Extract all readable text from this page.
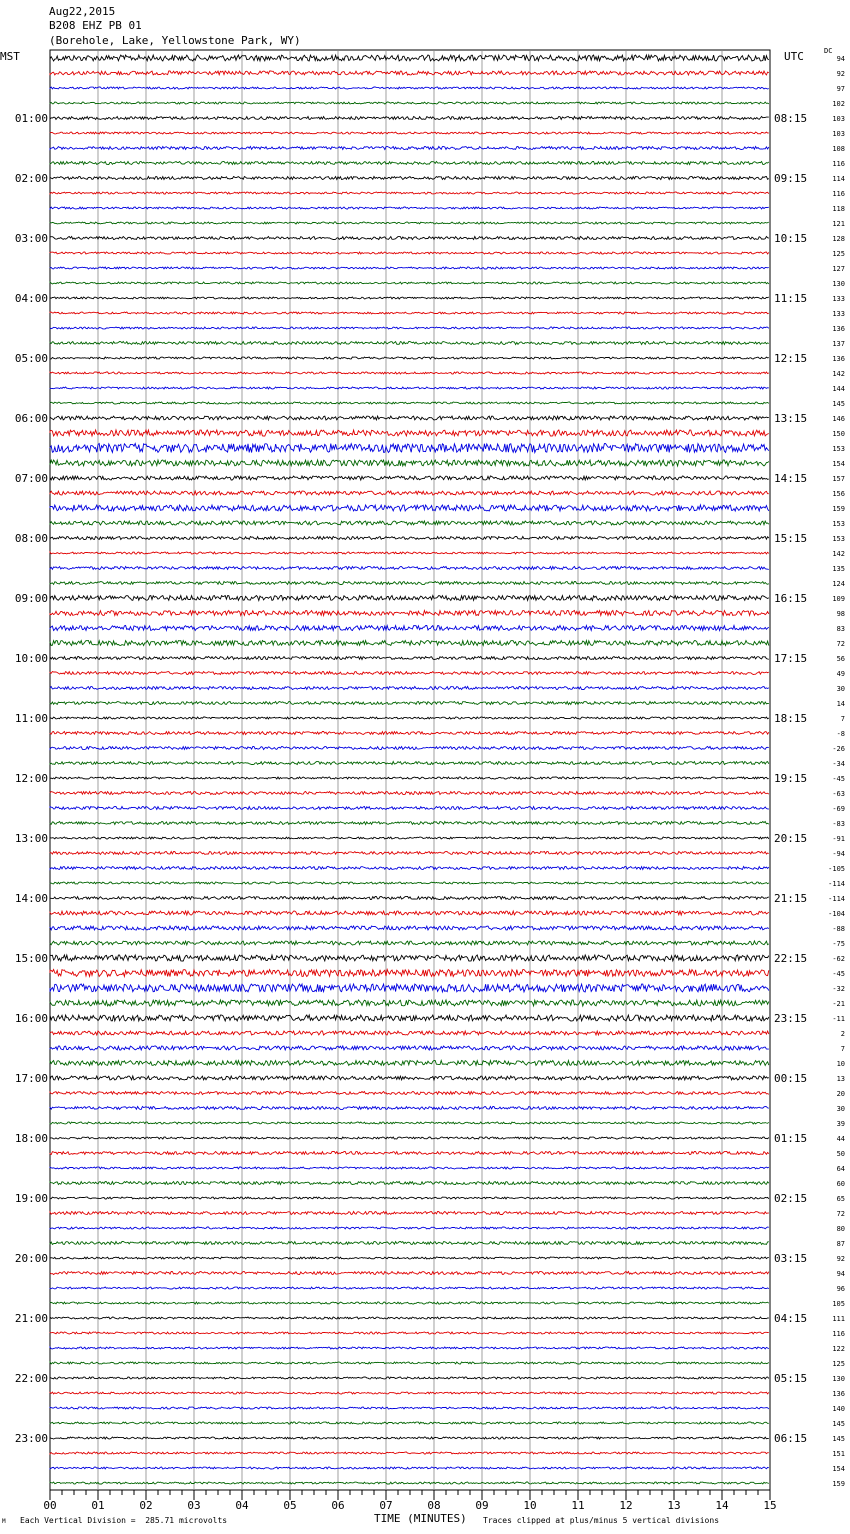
Aug22,2015
B208 EHZ PB 01
(Borehole, Lake, Yellowstone Park, WY)
MST	UTC	DC
94
92
97
102
103
103
108
116
114
116
118
121
128
125
127
130
133
133
136
137
136
142
144
145
146
150
153
154
157
156
159
153
153
142
135
124
109
98
83
72
56
49
30
14
7
-8
-26
-34
-45
-63
-69
-83
-91
-94
-105
-114
-114
-104
-88
-75
-62
-45
-32
-21
-11
2
7
10
13
20
30
39
44
50
64
60
65
72
80
87
92
94
96
105
111
116
122
125
130
136
140
145
145
151
154
159
01:00	08:15
02:00	09:15
03:00	10:15
04:00	11:15
05:00	12:15
06:00	13:15
07:00	14:15
08:00	15:15
09:00	16:15
10:00	17:15
11:00	18:15
12:00	19:15
13:00	20:15
14:00	21:15
15:00	22:15
16:00	23:15
17:00	00:15
18:00	01:15
19:00	02:15
20:00	03:15
21:00	04:15
22:00	05:15
23:00	06:15
00	01	02	03	04	05	06	07	08	09	10	11	12	13	14	15
TIME (MINUTES)
Each Vertical Division =  285.71 microvolts	Traces clipped at plus/minus 5 vertical divisions
M
